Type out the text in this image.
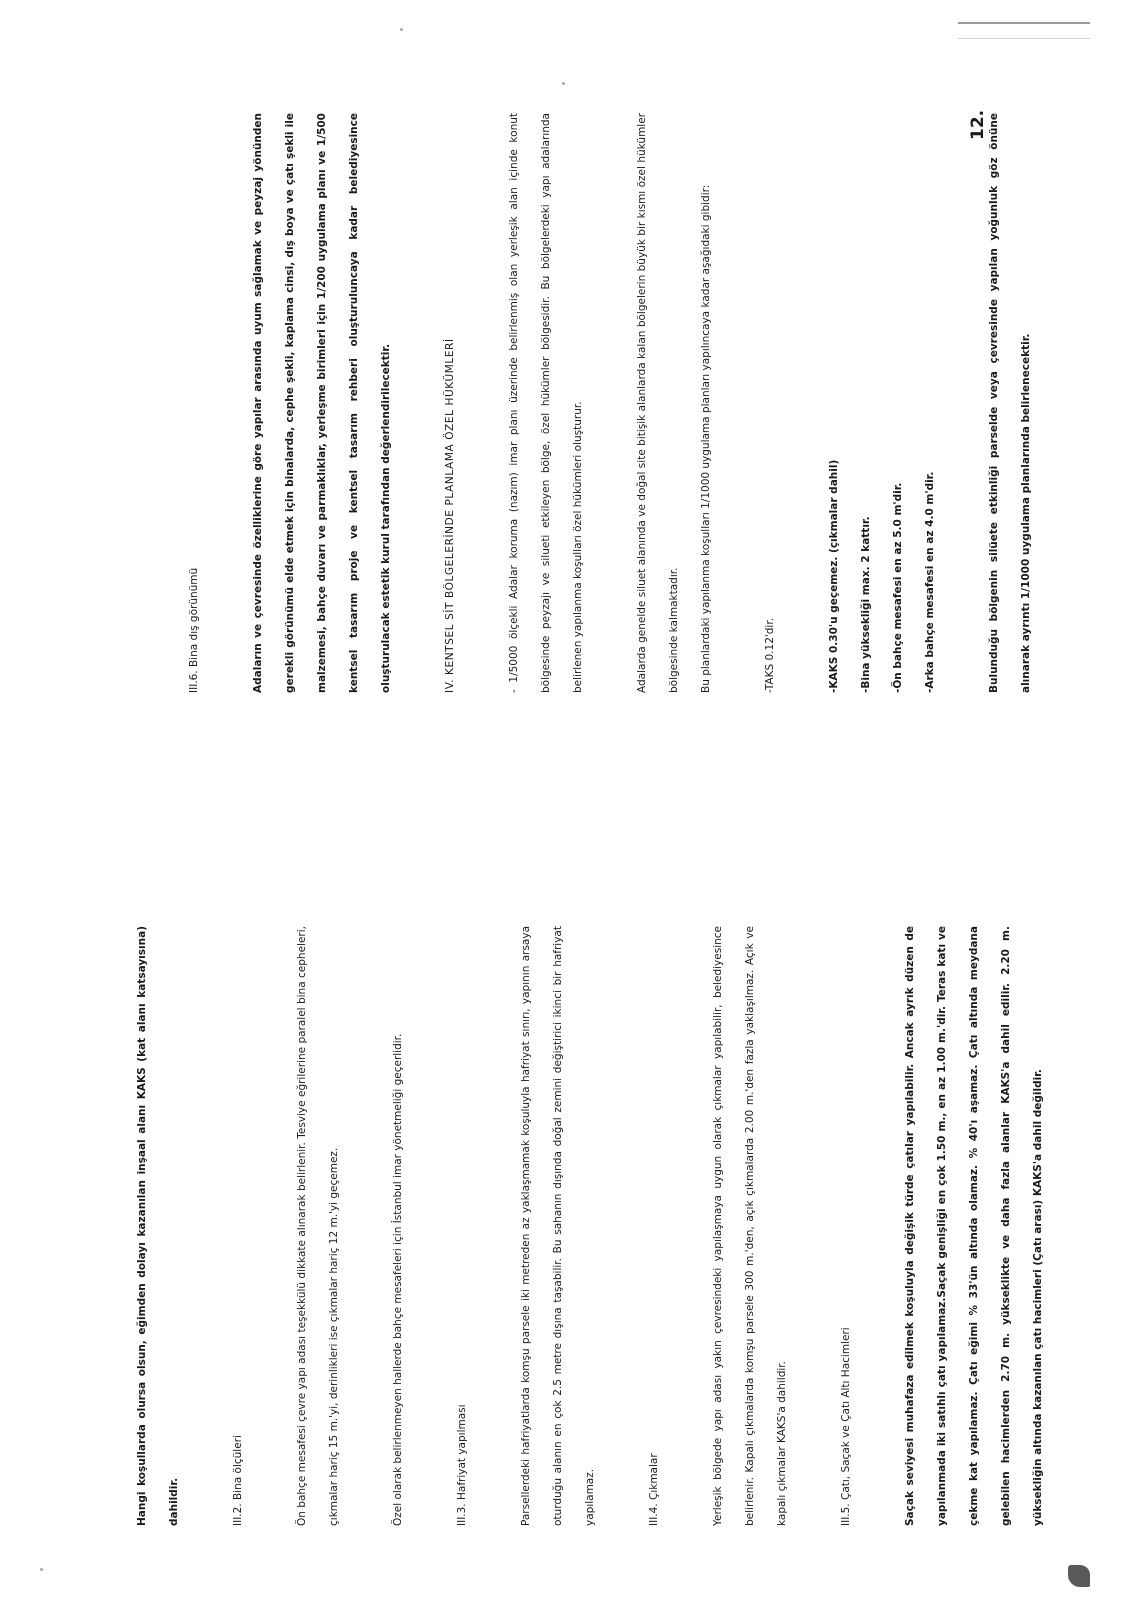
Hangi koşullarda olursa olsun, eğimden dolayı kazanılan inşaal alanı KAKS (kat alanı katsayısına) dahildir.	III.2. Bina ölçüleri	Ön bahçe mesafesi çevre yapı adası teşekkülü dikkate alınarak belirlenir. Tesviye eğrilerine paralel bina cepheleri, çıkmalar hariç 15 m.'yi, derinlikleri ise çıkmalar hariç 12 m.'yi geçemez.	Özel olarak belirlenmeyen hallerde bahçe mesafeleri için İstanbul imar yönetmeliği geçerlidir.	III.3. Hafriyat yapılması	Parsellerdeki hafriyatlarda komşu parsele iki metreden az yaklaşmamak koşuluyla hafriyat sınırı, yapının arsaya oturduğu alanın en çok 2.5 metre dışına taşabilir. Bu sahanın dışında doğal zemini değiştirici ikinci bir hafriyat yapılamaz.	III.4. Çıkmalar	Yerleşik bölgede yapı adası yakın çevresindeki yapılaşmaya uygun olarak çıkmalar yapılabilir, belediyesince belirlenir. Kapalı çıkmalarda komşu parsele 300 m.'den, açık çıkmalarda 2.00 m.'den fazla yaklaşılmaz. Açık ve kapalı çıkmalar KAKS'a dahildir.	III.5. Çatı, Saçak ve Çatı Altı Hacimleri	Saçak seviyesi muhafaza edilmek koşuluyla değişik türde çatılar yapılabilir. Ancak ayrık düzen de yapılanmada iki satıhlı çatı yapılamaz.Saçak genişliği en çok 1.50 m., en az 1.00 m.'dir. Teras katı ve çekme kat yapılamaz. Çatı eğimi % 33'ün altında olamaz. % 40'ı aşamaz. Çatı altında meydana gelebilen hacimlerden 2.70 m. yükseklikte ve daha fazla alanlar KAKS'a dahil edilir. 2.20 m. yüksekliğin altında kazanılan çatı hacimleri (Çatı arası) KAKS'a dahil değildir.

III.6. Bina dış görünümü	Adaların ve çevresinde özelliklerine göre yapılar arasında uyum sağlamak ve peyzaj yönünden gerekli görünümü elde etmek için binalarda, cephe şekli, kaplama cinsi, dış boya ve çatı şekli ile malzemesi, bahçe duvarı ve parmaklıklar, yerleşme birimleri için 1/200 uygulama planı ve 1/500 kentsel tasarım proje ve kentsel tasarım rehberi oluşturuluncaya kadar belediyesince oluşturulacak estetik kurul tarafından değerlendirilecektir.	IV. KENTSEL SİT BÖLGELERİNDE PLANLAMA ÖZEL HÜKÜMLERİ	- 1/5000 ölçekli Adalar koruma (nazım) imar planı üzerinde belirlenmiş olan yerleşik alan içinde konut bölgesinde peyzajı ve silueti etkileyen bölge, özel hükümler bölgesidir. Bu bölgelerdeki yapı adalarında belirlenen yapılanma koşulları özel hükümleri oluşturur.	Adalarda genelde siluet alanında ve doğal site bitişik alanlarda kalan bölgelerin büyük bir kısmı özel hükümler bölgesinde kalmaktadır.	Bu planlardaki yapılanma koşulları 1/1000 uygulama planları yapılıncaya kadar aşağıdaki gibidir:	-TAKS 0.12'dir.	-KAKS 0.30'u geçemez. (çıkmalar dahil)	-Bina yüksekliği max. 2 kattır.	-Ön bahçe mesafesi en az 5.0 m'dir.	-Arka bahçe mesafesi en az 4.0 m'dir.	Bulunduğu bölgenin silüete etkinliği parselde veya çevresinde yapılan yoğunluk göz önüne alınarak ayrıntı 1/1000 uygulama planlarında belirlenecektir.

12.
